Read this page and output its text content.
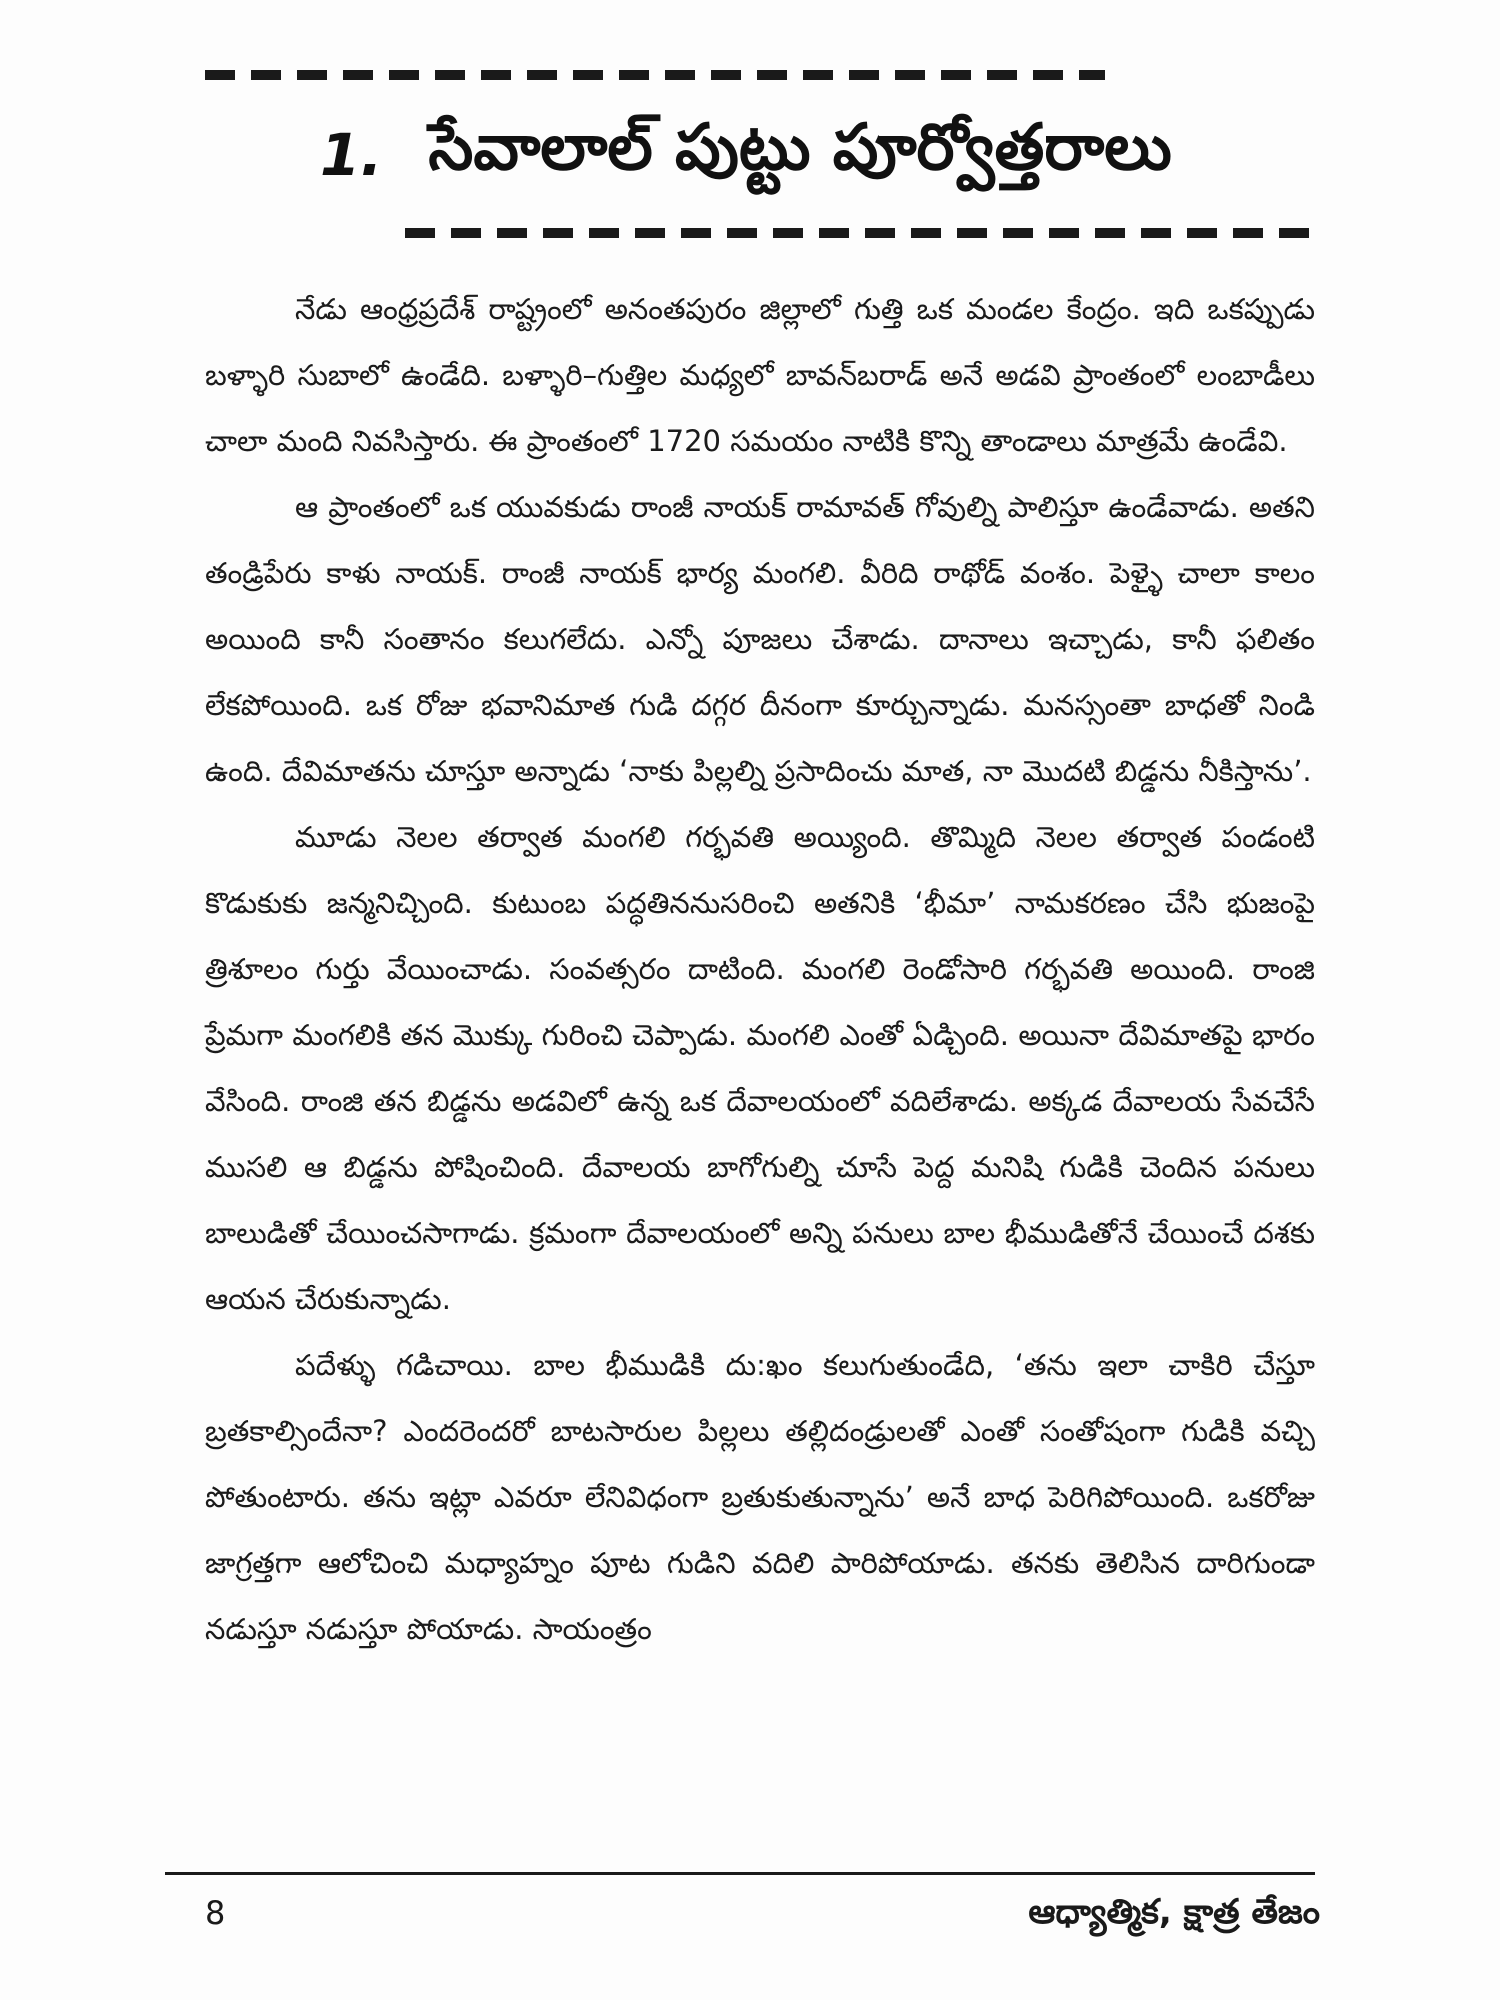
1. సేవాలాల్ పుట్టు పూర్వోత్తరాలు

నేడు ఆంధ్రప్రదేశ్ రాష్ట్రంలో అనంతపురం జిల్లాలో గుత్తి ఒక మండల కేంద్రం. ఇది ఒకప్పుడు బళ్ళారి సుబాలో ఉండేది. బళ్ళారి–గుత్తిల మధ్యలో బావన్‌బరాడ్ అనే అడవి ప్రాంతంలో లంబాడీలు చాలా మంది నివసిస్తారు. ఈ ప్రాంతంలో 1720 సమయం నాటికి కొన్ని తాండాలు మాత్రమే ఉండేవి.

ఆ ప్రాంతంలో ఒక యువకుడు రాంజీ నాయక్ రామావత్ గోవుల్ని పాలిస్తూ ఉండేవాడు. అతని తండ్రిపేరు కాళు నాయక్. రాంజీ నాయక్ భార్య మంగలి. వీరిది రాథోడ్ వంశం. పెళ్ళై చాలా కాలం అయింది కానీ సంతానం కలుగలేదు. ఎన్నో పూజలు చేశాడు. దానాలు ఇచ్చాడు, కానీ ఫలితం లేకపోయింది. ఒక రోజు భవానిమాత గుడి దగ్గర దీనంగా కూర్చున్నాడు. మనస్సంతా బాధతో నిండి ఉంది. దేవిమాతను చూస్తూ అన్నాడు ‘నాకు పిల్లల్ని ప్రసాదించు మాత, నా మొదటి బిడ్డను నీకిస్తాను’.

మూడు నెలల తర్వాత మంగలి గర్భవతి అయ్యింది. తొమ్మిది నెలల తర్వాత పండంటి కొడుకుకు జన్మనిచ్చింది. కుటుంబ పద్ధతిననుసరించి అతనికి ‘భీమా’ నామకరణం చేసి భుజంపై త్రిశూలం గుర్తు వేయించాడు. సంవత్సరం దాటింది. మంగలి రెండోసారి గర్భవతి అయింది. రాంజి ప్రేమగా మంగలికి తన మొక్కు గురించి చెప్పాడు. మంగలి ఎంతో ఏడ్చింది. అయినా దేవిమాతపై భారం వేసింది. రాంజి తన బిడ్డను అడవిలో ఉన్న ఒక దేవాలయంలో వదిలేశాడు. అక్కడ దేవాలయ సేవచేసే ముసలి ఆ బిడ్డను పోషించింది. దేవాలయ బాగోగుల్ని చూసే పెద్ద మనిషి గుడికి చెందిన పనులు బాలుడితో చేయించసాగాడు. క్రమంగా దేవాలయంలో అన్ని పనులు బాల భీముడితోనే చేయించే దశకు ఆయన చేరుకున్నాడు.

పదేళ్ళు గడిచాయి. బాల భీముడికి దు:ఖం కలుగుతుండేది, ‘తను ఇలా చాకిరి చేస్తూ బ్రతకాల్సిందేనా? ఎందరెందరో బాటసారుల పిల్లలు తల్లిదండ్రులతో ఎంతో సంతోషంగా గుడికి వచ్చి పోతుంటారు. తను ఇట్లా ఎవరూ లేనివిధంగా బ్రతుకుతున్నాను’ అనే బాధ పెరిగిపోయింది. ఒకరోజు జాగ్రత్తగా ఆలోచించి మధ్యాహ్నం పూట గుడిని వదిలి పారిపోయాడు. తనకు తెలిసిన దారిగుండా నడుస్తూ నడుస్తూ పోయాడు. సాయంత్రం

8	ఆధ్యాత్మిక, క్షాత్ర తేజం
